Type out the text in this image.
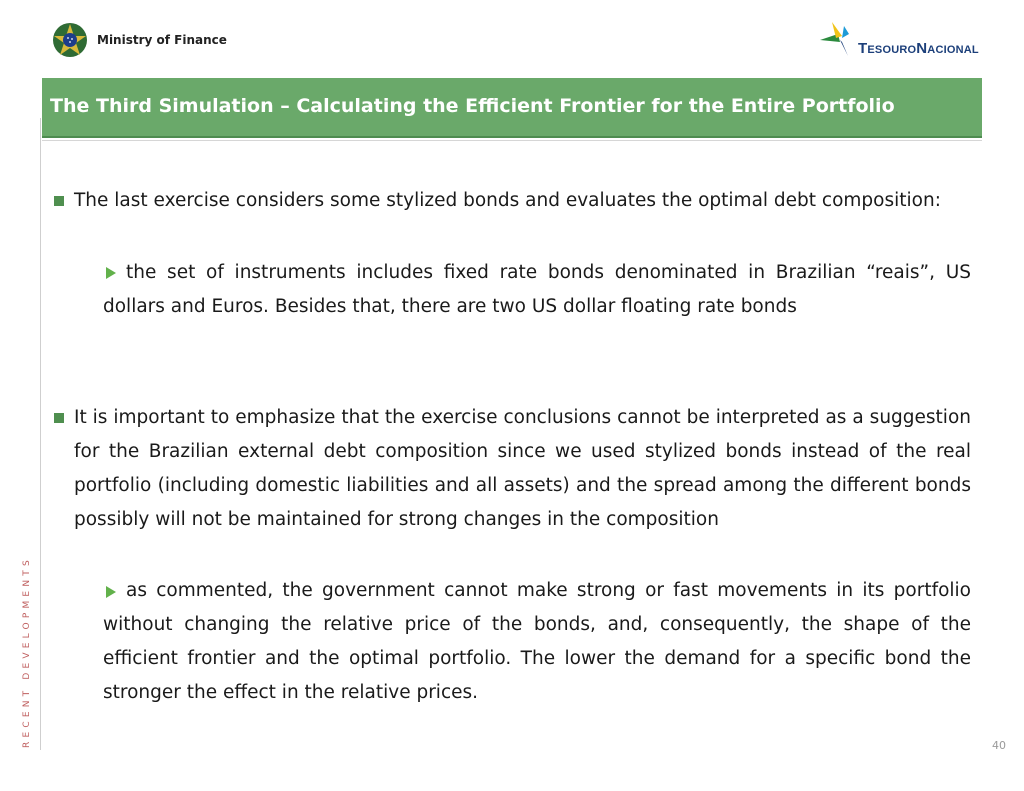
Ministry of Finance	TESOURONACIONAL
The Third Simulation – Calculating the Efficient Frontier for the Entire Portfolio
RECENT DEVELOPMENTS
The last exercise considers some stylized bonds and evaluates the optimal debt composition:
the set of instruments includes fixed rate bonds denominated in Brazilian “reais”, US dollars and Euros. Besides that, there are two US dollar floating rate bonds
It is important to emphasize that the exercise conclusions cannot be interpreted as a suggestion for the Brazilian external debt composition since we used stylized bonds instead of the real portfolio (including domestic liabilities and all assets) and the spread among the different bonds possibly will not be maintained for strong changes in the composition
as commented, the government cannot make strong or fast movements in its portfolio without changing the relative price of the bonds, and, consequently, the shape of the efficient frontier and the optimal portfolio. The lower the demand for a specific bond the stronger the effect in the relative prices.
40
